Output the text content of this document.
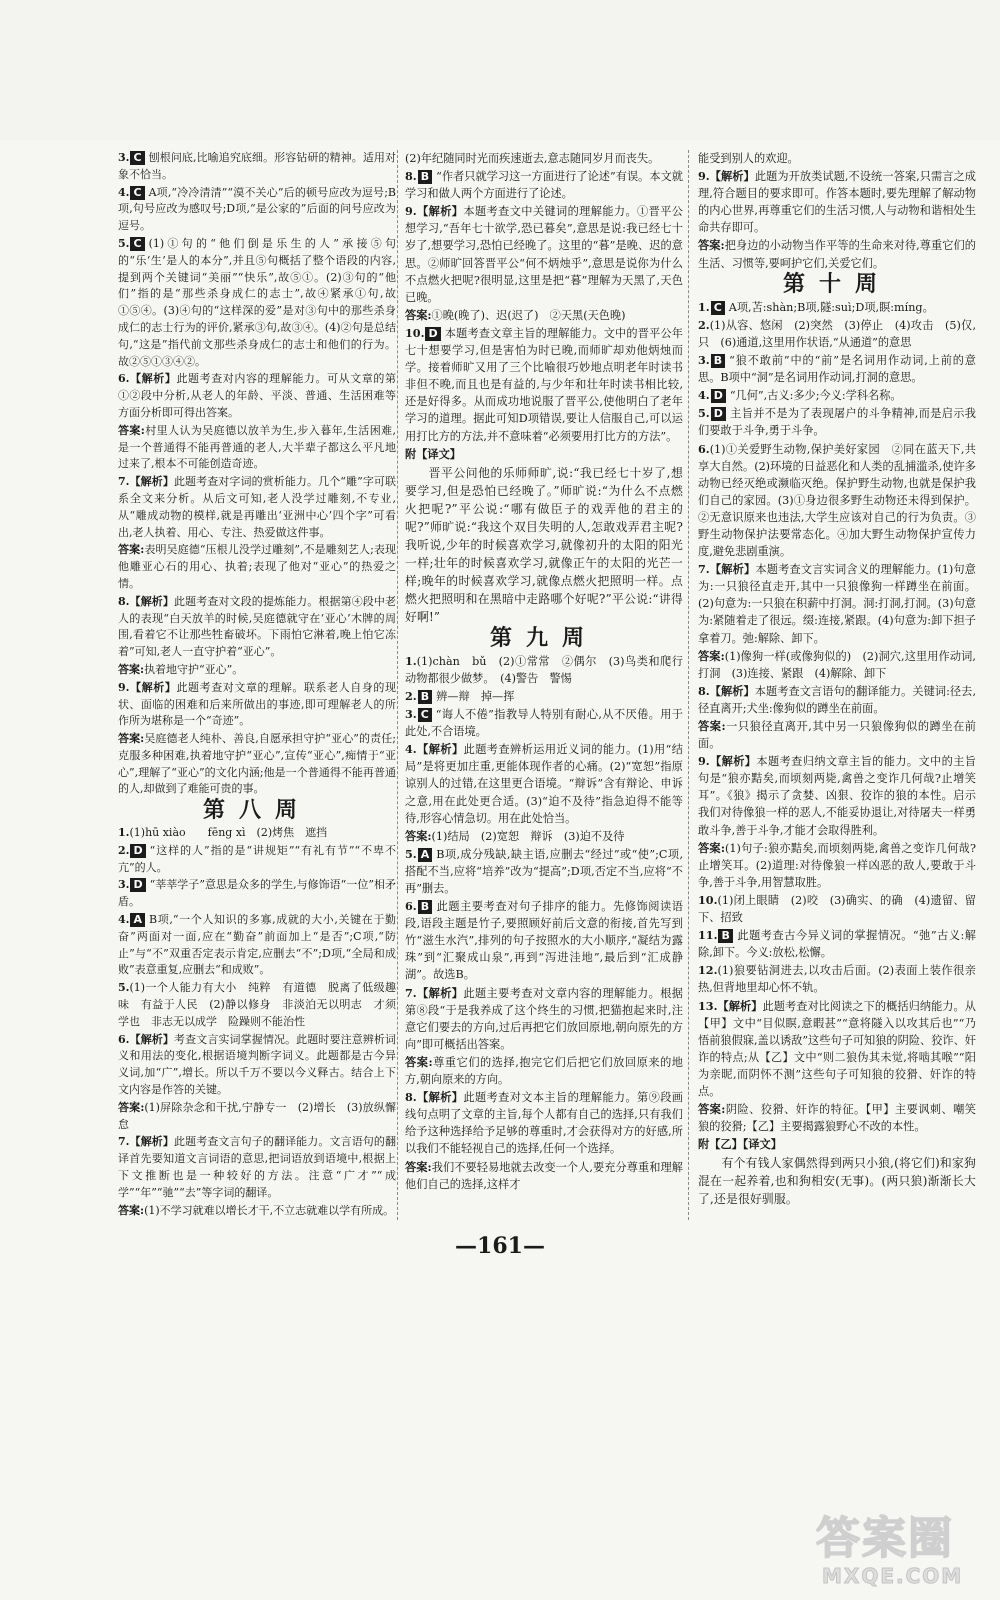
3. C 刨根问底,比喻追究底细。形容钻研的精神。适用对象不恰当。
4. C A项,“冷冷清清”“漠不关心”后的顿号应改为逗号;B项,句号应改为感叹号;D项,“是公家的”后面的问号应改为逗号。
5. C (1)①句的“他们倒是乐生的人”承接⑤句的“乐‘生’是人的本分”,并且⑤句概括了整个语段的内容,提到两个关键词“美丽”“快乐”,故⑤①。(2)③句的“他们”指的是“那些杀身成仁的志士”,故④紧承①句,故①⑤④。(3)④句的“这样深的爱”是对③句中的那些杀身成仁的志士行为的评价,紧承③句,故③④。(4)②句是总结句,“这是”指代前文那些杀身成仁的志士和他们的行为。故②⑤①③④②。
6.【解析】此题考查对内容的理解能力。可从文章的第①②段中分析,从老人的年龄、平淡、普通、生活困难等方面分析即可得出答案。
答案:村里人认为吴庭德以放羊为生,步入暮年,生活困难,是一个普通得不能再普通的老人,大半辈子都这么平凡地过来了,根本不可能创造奇迹。
7.【解析】此题考查对字词的赏析能力。几个“雕”字可联系全文来分析。从后文可知,老人没学过雕刻,不专业,从“雕成动物的模样,就是再雕出‘亚洲中心’四个字”可看出,老人执着、用心、专注、热爱做这件事。
答案:表明吴庭德“压根儿没学过雕刻”,不是雕刻艺人;表现他雕亚心石的用心、执着;表现了他对“亚心”的热爱之情。
8.【解析】此题考查对文段的提炼能力。根据第④段中老人的表现“白天放羊的时候,吴庭德就守在‘亚心’木牌的周围,看着它不让那些牲畜破坏。下雨怕它淋着,晚上怕它冻着”可知,老人一直守护着“亚心”。
答案:执着地守护“亚心”。
9.【解析】此题考查对文章的理解。联系老人自身的现状、面临的困难和后来所做出的事迹,即可理解老人的所作所为堪称是一个“奇迹”。
答案:吴庭德老人纯朴、善良,自愿承担守护“亚心”的责任;克服多种困难,执着地守护“亚心”,宣传“亚心”,痴情于“亚心”,理解了“亚心”的文化内涵;他是一个普通得不能再普通的人,却做到了难能可贵的事。
第八周
1.(1)hū xiào　　fēng xì　(2)烤焦　遮挡
2. D “这样的人”指的是“讲规矩”“有礼有节”“不卑不亢”的人。
3. D “莘莘学子”意思是众多的学生,与修饰语“一位”相矛盾。
4. A B项,“一个人知识的多寡,成就的大小,关键在于勤奋”两面对一面,应在“勤奋”前面加上“是否”;C项,“防止”与“不”双重否定表示肯定,应删去“不”;D项,“全局和成败”表意重复,应删去“和成败”。
5.(1)一个人能力有大小　纯粹　有道德　脱离了低级趣味　有益于人民　(2)静以修身　非淡泊无以明志　才须学也　非志无以成学　险躁则不能治性
6.【解析】考查文言实词掌握情况。此题时要注意辨析词义和用法的变化,根据语境判断字词义。此题都是古今异义词,加“广”,增长。所以千万不要以今义释古。结合上下文内容是作答的关键。
答案:(1)屏除杂念和干扰,宁静专一　(2)增长　(3)放纵懈怠
7.【解析】此题考查文言句子的翻译能力。文言语句的翻译首先要知道文言词语的意思,把词语放到语境中,根据上下文推断也是一种较好的方法。注意“广才”“成学”“年”“驰”“去”等字词的翻译。
答案:(1)不学习就难以增长才干,不立志就难以学有所成。
(2)年纪随同时光而疾速逝去,意志随同岁月而丧失。
8. B “作者只就学习这一方面进行了论述”有误。本文就学习和做人两个方面进行了论述。
9.【解析】本题考查文中关键词的理解能力。①晋平公想学习,“吾年七十欲学,恐已暮矣”,意思是说:我已经七十岁了,想要学习,恐怕已经晚了。这里的“暮”是晚、迟的意思。②师旷回答晋平公“何不炳烛乎”,意思是说你为什么不点燃火把呢?很明显,这里是把“暮”理解为天黑了,天色已晚。
答案:①晚(晚了)、迟(迟了)　②天黑(天色晚)
10. D 本题考查文章主旨的理解能力。文中的晋平公年七十想要学习,但是害怕为时已晚,而师旷却劝他炳烛而学。接着师旷又用了三个比喻很巧妙地点明老年时读书非但不晚,而且也是有益的,与少年和壮年时读书相比较,还是好得多。从而成功地说服了晋平公,使他明白了老年学习的道理。据此可知D项错误,要让人信服自己,可以运用打比方的方法,并不意味着“必须要用打比方的方法”。
附【译文】
晋平公问他的乐师师旷,说:“我已经七十岁了,想要学习,但是恐怕已经晚了。”师旷说:“为什么不点燃火把呢?”平公说:“哪有做臣子的戏弄他的君主的呢?”师旷说:“我这个双目失明的人,怎敢戏弄君主呢?我听说,少年的时候喜欢学习,就像初升的太阳的阳光一样;壮年的时候喜欢学习,就像正午的太阳的光芒一样;晚年的时候喜欢学习,就像点燃火把照明一样。点燃火把照明和在黑暗中走路哪个好呢?”平公说:“讲得好啊!”
第九周
1.(1)chàn　bǔ　(2)①常常　②偶尔　(3)鸟类和爬行动物都很少做梦。　(4)警告　警惕
2. B 辨—辩　掉—挥
3. C “诲人不倦”指教导人特别有耐心,从不厌倦。用于此处,不合语境。
4.【解析】此题考查辨析运用近义词的能力。(1)用“结局”是将更加庄重,更能体现作者的心痛。(2)“宽恕”指原谅别人的过错,在这里更合语境。“辩诉”含有辩论、申诉之意,用在此处更合适。(3)“迫不及待”指急迫得不能等待,形容心情急切。用在此处恰当。
答案:(1)结局　(2)宽恕　辩诉　(3)迫不及待
5. A B项,成分残缺,缺主语,应删去“经过”或“使”;C项,搭配不当,应将“培养”改为“提高”;D项,否定不当,应将“不再”删去。
6. B 此题主要考查对句子排序的能力。先修饰阅读语段,语段主题是竹子,要照顾好前后文意的衔接,首先写到竹“滋生水汽”,排列的句子按照水的大小顺序,“凝结为露珠”到“汇聚成山泉”,再到“泻进洼地”,最后到“汇成静湖”。故选B。
7.【解析】此题主要考查对文章内容的理解能力。根据第⑧段“于是我养成了这个终生的习惯,把猫抱起来时,注意它们要去的方向,过后再把它们放回原地,朝向原先的方向”即可概括出答案。
答案:尊重它们的选择,抱完它们后把它们放回原来的地方,朝向原来的方向。
8.【解析】此题考查对文本主旨的理解能力。第⑨段画线句点明了文章的主旨,每个人都有自己的选择,只有我们给予这种选择给予足够的尊重时,才会获得对方的好感,所以我们不能轻视自己的选择,任何一个选择。
答案:我们不要轻易地就去改变一个人,要充分尊重和理解他们自己的选择,这样才
能受到别人的欢迎。
9.【解析】此题为开放类试题,不设统一答案,只需言之成理,符合题目的要求即可。作答本题时,要先理解了解动物的内心世界,再尊重它们的生活习惯,人与动物和谐相处生命共存即可。
答案:把身边的小动物当作平等的生命来对待,尊重它们的生活、习惯等,要呵护它们,关爱它们。
第十周
1. C A项,苫:shàn;B项,隧:suì;D项,瞑:míng。
2.(1)从容、悠闲　(2)突然　(3)停止　(4)攻击　(5)仅,只　(6)通道,这里用作状语,“从通道”的意思
3. B “狼不敢前”中的“前”是名词用作动词,上前的意思。B项中“洞”是名词用作动词,打洞的意思。
4. D “几何”,古义:多少;今义:学科名称。
5. D 主旨并不是为了表现屠户的斗争精神,而是启示我们要敢于斗争,勇于斗争。
6.(1)①关爱野生动物,保护美好家园　②同在蓝天下,共享大自然。(2)环境的日益恶化和人类的乱捕滥杀,使许多动物已经灭绝或濒临灭绝。保护野生动物,也就是保护我们自己的家园。(3)①身边很多野生动物还未得到保护。②无意识原来也违法,大学生应该对自己的行为负责。③野生动物保护法要常态化。④加大野生动物保护宣传力度,避免悲剧重演。
7.【解析】本题考查文言实词含义的理解能力。(1)句意为:一只狼径直走开,其中一只狼像狗一样蹲坐在前面。(2)句意为:一只狼在积薪中打洞。洞:打洞,打洞。(3)句意为:紧随着走了很远。缀:连接,紧跟。(4)句意为:卸下担子拿着刀。弛:解除、卸下。
答案:(1)像狗一样(或像狗似的)　(2)洞穴,这里用作动词,打洞　(3)连接、紧跟　(4)解除、卸下
8.【解析】本题考查文言语句的翻译能力。关键词:径去,径直离开;犬坐:像狗似的蹲坐在前面。
答案:一只狼径直离开,其中另一只狼像狗似的蹲坐在前面。
9.【解析】本题考查归纳文章主旨的能力。文中的主旨句是“狼亦黠矣,而顷刻两毙,禽兽之变诈几何哉?止增笑耳”。《狼》揭示了贪婪、凶狠、狡诈的狼的本性。启示我们对待像狼一样的恶人,不能妥协退让,对待屠夫一样勇敢斗争,善于斗争,才能才会取得胜利。
答案:(1)句子:狼亦黠矣,而顷刻两毙,禽兽之变诈几何哉?止增笑耳。(2)道理:对待像狼一样凶恶的敌人,要敢于斗争,善于斗争,用智慧取胜。
10.(1)闭上眼睛　(2)咬　(3)确实、的确　(4)遗留、留下、招致
11. B 此题考查古今异义词的掌握情况。“弛”古义:解除,卸下。今义:放松,松懈。
12.(1)狼要钻洞进去,以攻击后面。(2)表面上装作很亲热,但背地里却心怀不轨。
13.【解析】此题考查对比阅读之下的概括归纳能力。从【甲】文中“目似瞑,意暇甚”“意将隧入以攻其后也”“乃悟前狼假寐,盖以诱敌”这些句子可知狼的阴险、狡诈、奸诈的特点;从【乙】文中“则二狼伪其未觉,将啮其喉”“阳为亲昵,而阴怀不测”这些句子可知狼的狡猾、奸诈的特点。
答案:阴险、狡猾、奸诈的特征。【甲】主要讽刺、嘲笑狼的狡猾;【乙】主要揭露狼野心不改的本性。
附【乙】【译文】
有个有钱人家偶然得到两只小狼,(将它们)和家狗混在一起养着,也和狗相安(无事)。(两只狼)渐渐长大了,还是很好驯服。
—161—
答案圈
MXQE.COM
